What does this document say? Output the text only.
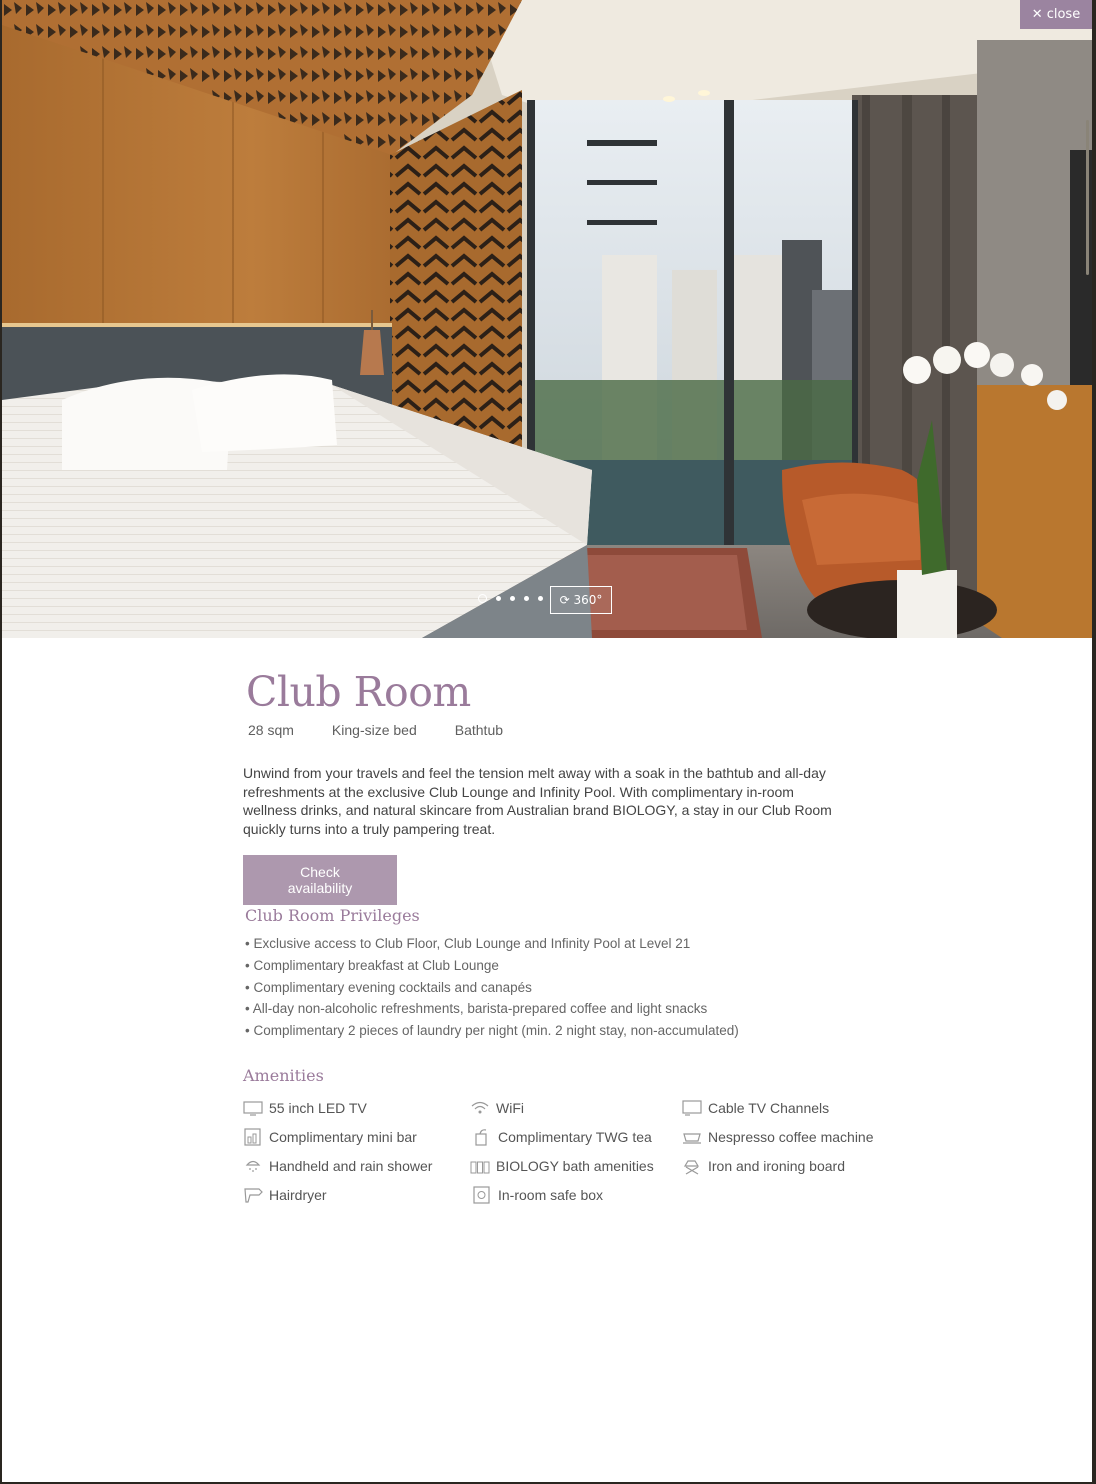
✕ close
⟳ 360°
Club Room
28 sqm	King-size bed	Bathtub
Unwind from your travels and feel the tension melt away with a soak in the bathtub and all-day refreshments at the exclusive Club Lounge and Infinity Pool. With complimentary in-room wellness drinks, and natural skincare from Australian brand BIOLOGY, a stay in our Club Room quickly turns into a truly pampering treat.
Check availability
Club Room Privileges
• Exclusive access to Club Floor, Club Lounge and Infinity Pool at Level 21
• Complimentary breakfast at Club Lounge
• Complimentary evening cocktails and canapés
• All-day non-alcoholic refreshments, barista-prepared coffee and light snacks
• Complimentary 2 pieces of laundry per night (min. 2 night stay, non-accumulated)
Amenities
55 inch LED TV	WiFi	Cable TV Channels
Complimentary mini bar	Complimentary TWG tea	Nespresso coffee machine
Handheld and rain shower	BIOLOGY bath amenities	Iron and ironing board
Hairdryer	In-room safe box
